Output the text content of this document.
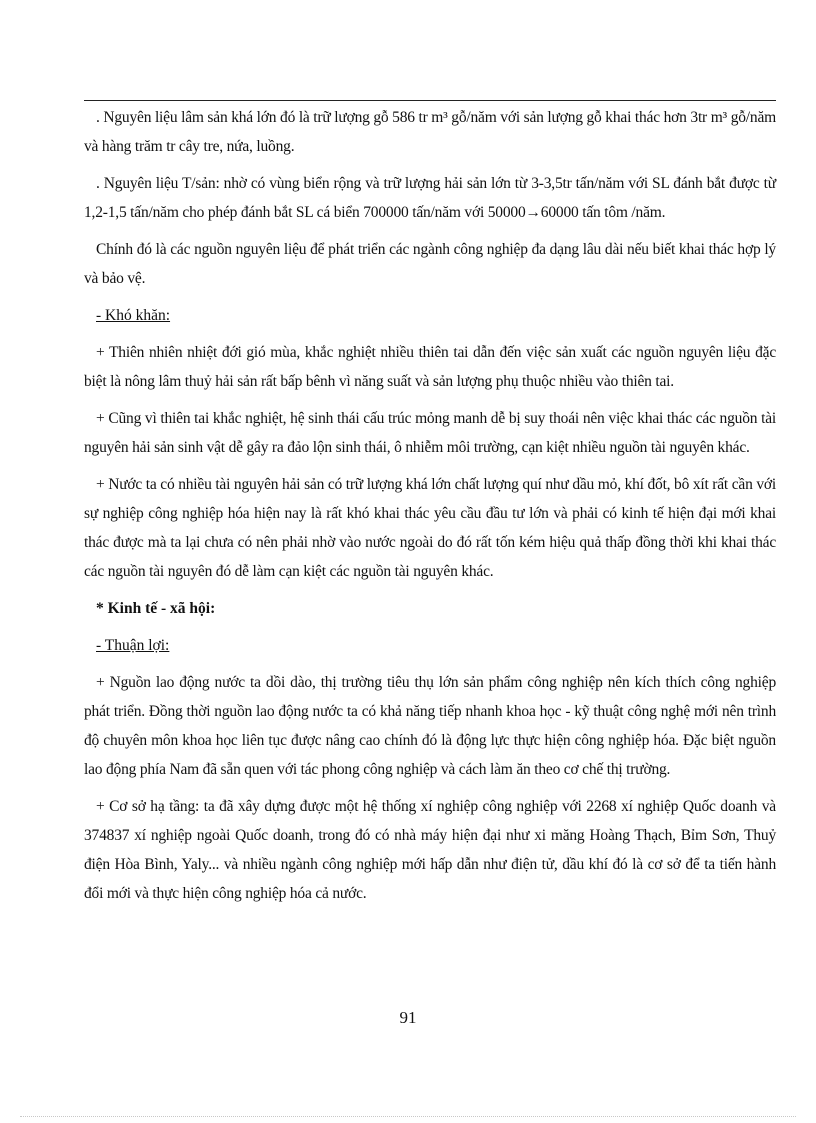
. Nguyên liệu lâm sản khá lớn đó là trữ lượng gỗ 586 tr m³ gỗ/năm với sản lượng gỗ khai thác hơn 3tr m³ gỗ/năm và hàng trăm tr cây tre, nứa, luồng.

. Nguyên liệu T/sản: nhờ có vùng biển rộng và trữ lượng hải sản lớn từ 3-3,5tr tấn/năm với SL đánh bắt được từ 1,2-1,5 tấn/năm cho phép đánh bắt SL cá biển 700000 tấn/năm với 50000→60000 tấn tôm /năm.

Chính đó là các nguồn nguyên liệu để phát triển các ngành công nghiệp đa dạng lâu dài nếu biết khai thác hợp lý và bảo vệ.

- Khó khăn:

+ Thiên nhiên nhiệt đới gió mùa, khắc nghiệt nhiều thiên tai dẫn đến việc sản xuất các nguồn nguyên liệu đặc biệt là nông lâm thuỷ hải sản rất bấp bênh vì năng suất và sản lượng phụ thuộc nhiều vào thiên tai.

+ Cũng vì thiên tai khắc nghiệt, hệ sinh thái cấu trúc mỏng manh dễ bị suy thoái nên việc khai thác các nguồn tài nguyên hải sản sinh vật dễ gây ra đảo lộn sinh thái, ô nhiễm môi trường, cạn kiệt nhiều nguồn tài nguyên khác.

+ Nước ta có nhiều tài nguyên hải sản có trữ lượng khá lớn chất lượng quí như dầu mỏ, khí đốt, bô xít rất cần với sự nghiệp công nghiệp hóa hiện nay là rất khó khai thác yêu cầu đầu tư lớn và phải có kinh tế hiện đại mới khai thác được mà ta lại chưa có nên phải nhờ vào nước ngoài do đó rất tốn kém hiệu quả thấp đồng thời khi khai thác các nguồn tài nguyên đó dễ làm cạn kiệt các nguồn tài nguyên khác.

* Kinh tế - xã hội:

- Thuận lợi:

+ Nguồn lao động nước ta dồi dào, thị trường tiêu thụ lớn sản phẩm công nghiệp nên kích thích công nghiệp phát triển. Đồng thời nguồn lao động nước ta có khả năng tiếp nhanh khoa học - kỹ thuật công nghệ mới nên trình độ chuyên môn khoa học liên tục được nâng cao chính đó là động lực thực hiện công nghiệp hóa. Đặc biệt nguồn lao động phía Nam đã sẵn quen với tác phong công nghiệp và cách làm ăn theo cơ chế thị trường.

+ Cơ sở hạ tầng: ta đã xây dựng được một hệ thống xí nghiệp công nghiệp với 2268 xí nghiệp Quốc doanh và 374837 xí nghiệp ngoài Quốc doanh, trong đó có nhà máy hiện đại như xi măng Hoàng Thạch, Bỉm Sơn, Thuỷ điện Hòa Bình, Yaly... và nhiều ngành công nghiệp mới hấp dẫn như điện tử, dầu khí đó là cơ sở để ta tiến hành đổi mới và thực hiện công nghiệp hóa cả nước.

91
